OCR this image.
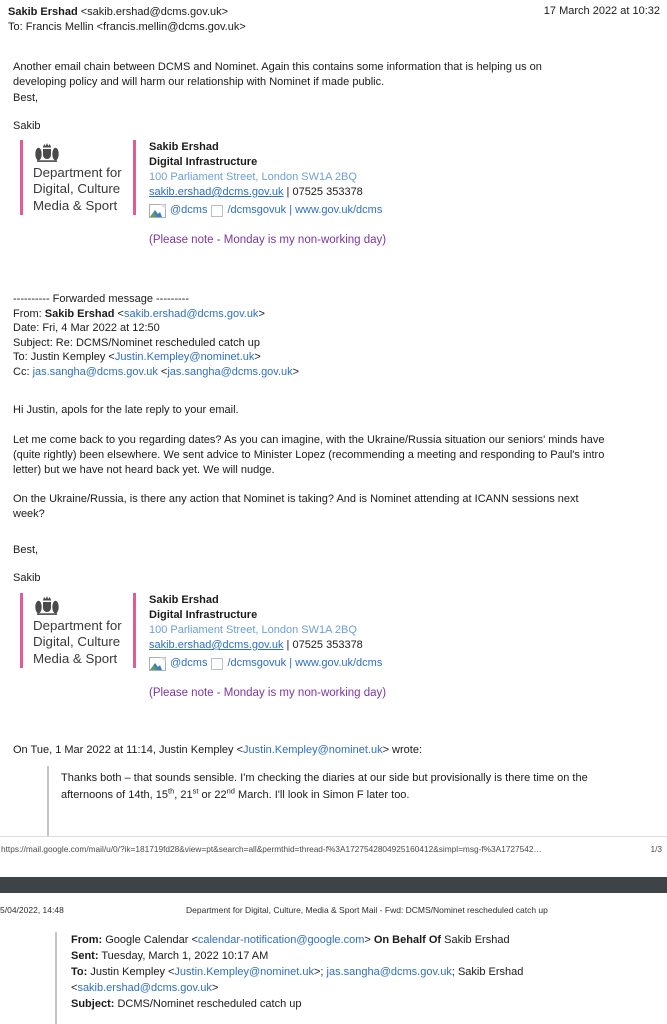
Sakib Ershad <sakib.ershad@dcms.gov.uk>
To: Francis Mellin <francis.mellin@dcms.gov.uk>
17 March 2022 at 10:32
Another email chain between DCMS and Nominet. Again this contains some information that is helping us on developing policy and will harm our relationship with Nominet if made public.
Best,
Sakib
Department for
Digital, Culture
Media & Sport
Sakib Ershad
Digital Infrastructure
100 Parliament Street, London SW1A 2BQ
sakib.ershad@dcms.gov.uk | 07525 353378
@dcms /dcmsgovuk | www.gov.uk/dcms
(Please note - Monday is my non-working day)
---------- Forwarded message ---------
From: Sakib Ershad <sakib.ershad@dcms.gov.uk>
Date: Fri, 4 Mar 2022 at 12:50
Subject: Re: DCMS/Nominet rescheduled catch up
To: Justin Kempley <Justin.Kempley@nominet.uk>
Cc: jas.sangha@dcms.gov.uk <jas.sangha@dcms.gov.uk>
Hi Justin, apols for the late reply to your email.
Let me come back to you regarding dates? As you can imagine, with the Ukraine/Russia situation our seniors' minds have (quite rightly) been elsewhere. We sent advice to Minister Lopez (recommending a meeting and responding to Paul's intro letter) but we have not heard back yet. We will nudge.
On the Ukraine/Russia, is there any action that Nominet is taking? And is Nominet attending at ICANN sessions next week?
Best,
Sakib
Department for
Digital, Culture
Media & Sport
Sakib Ershad
Digital Infrastructure
100 Parliament Street, London SW1A 2BQ
sakib.ershad@dcms.gov.uk | 07525 353378
@dcms /dcmsgovuk | www.gov.uk/dcms
(Please note - Monday is my non-working day)
On Tue, 1 Mar 2022 at 11:14, Justin Kempley <Justin.Kempley@nominet.uk> wrote:
Thanks both – that sounds sensible. I'm checking the diaries at our side but provisionally is there time on the afternoons of 14th, 15th, 21st or 22nd March. I'll look in Simon F later too.
https://mail.google.com/mail/u/0/?ik=181719fd28&view=pt&search=all&permthid=thread-f%3A1727542804925160412&simpl=msg-f%3A1727542…	1/3
5/04/2022, 14:48	Department for Digital, Culture, Media & Sport Mail - Fwd: DCMS/Nominet rescheduled catch up
From: Google Calendar <calendar-notification@google.com> On Behalf Of Sakib Ershad
Sent: Tuesday, March 1, 2022 10:17 AM
To: Justin Kempley <Justin.Kempley@nominet.uk>; jas.sangha@dcms.gov.uk; Sakib Ershad
<sakib.ershad@dcms.gov.uk>
Subject: DCMS/Nominet rescheduled catch up
